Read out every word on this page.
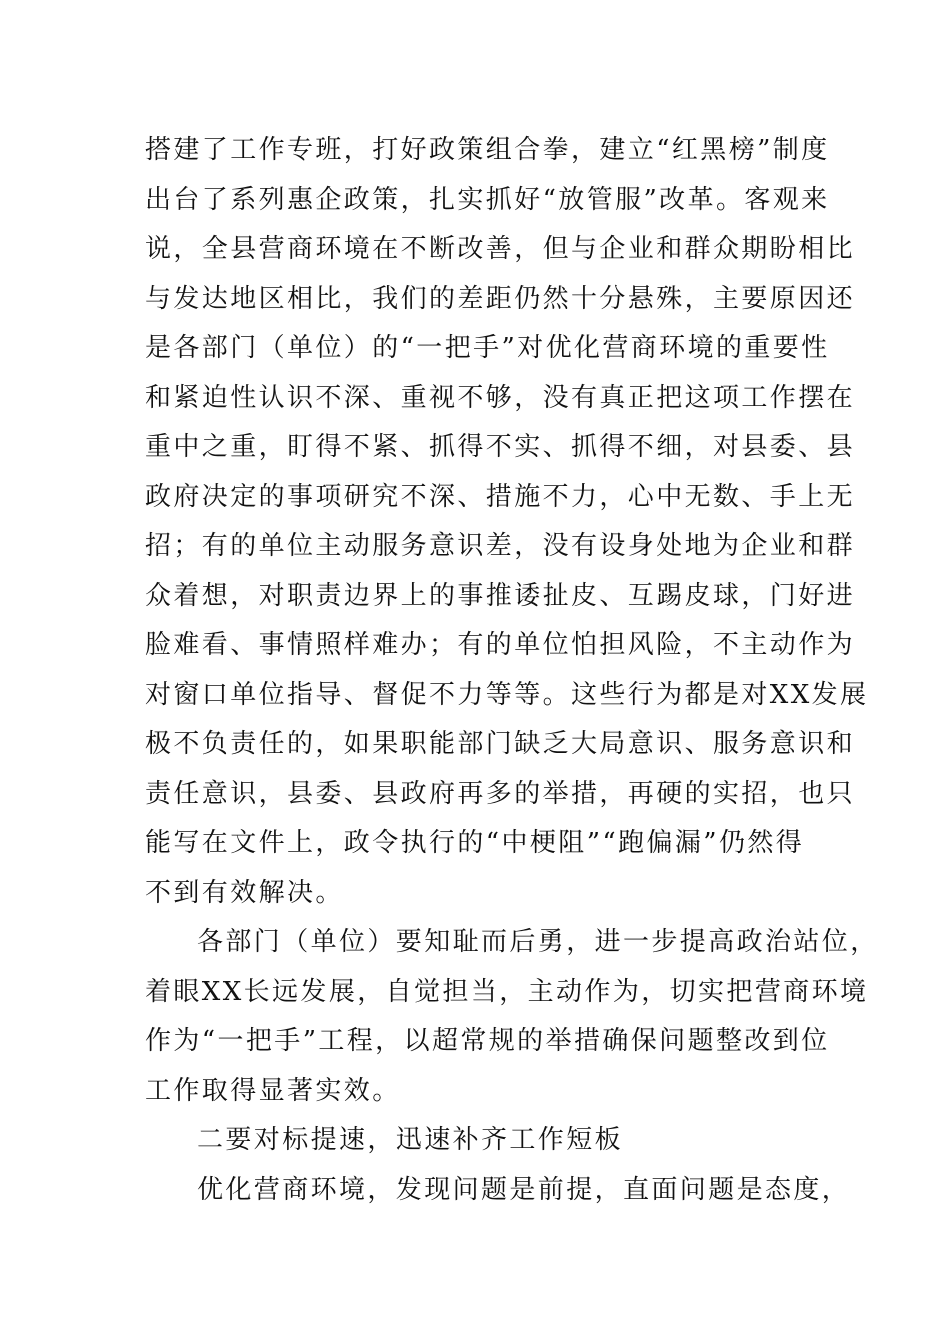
搭建了工作专班，打好政策组合拳，建立“红黑榜”制度
出台了系列惠企政策，扎实抓好“放管服”改革。客观来
说，全县营商环境在不断改善，但与企业和群众期盼相比
与发达地区相比，我们的差距仍然十分悬殊，主要原因还
是各部门（单位）的“一把手”对优化营商环境的重要性
和紧迫性认识不深、重视不够，没有真正把这项工作摆在
重中之重，盯得不紧、抓得不实、抓得不细，对县委、县
政府决定的事项研究不深、措施不力，心中无数、手上无
招；有的单位主动服务意识差，没有设身处地为企业和群
众着想，对职责边界上的事推诿扯皮、互踢皮球，门好进
脸难看、事情照样难办；有的单位怕担风险，不主动作为
对窗口单位指导、督促不力等等。这些行为都是对XX发展
极不负责任的，如果职能部门缺乏大局意识、服务意识和
责任意识，县委、县政府再多的举措，再硬的实招，也只
能写在文件上，政令执行的“中梗阻”“跑偏漏”仍然得
不到有效解决。
各部门（单位）要知耻而后勇，进一步提高政治站位，
着眼XX长远发展，自觉担当，主动作为，切实把营商环境
作为“一把手”工程，以超常规的举措确保问题整改到位
工作取得显著实效。
二要对标提速，迅速补齐工作短板
优化营商环境，发现问题是前提，直面问题是态度，
